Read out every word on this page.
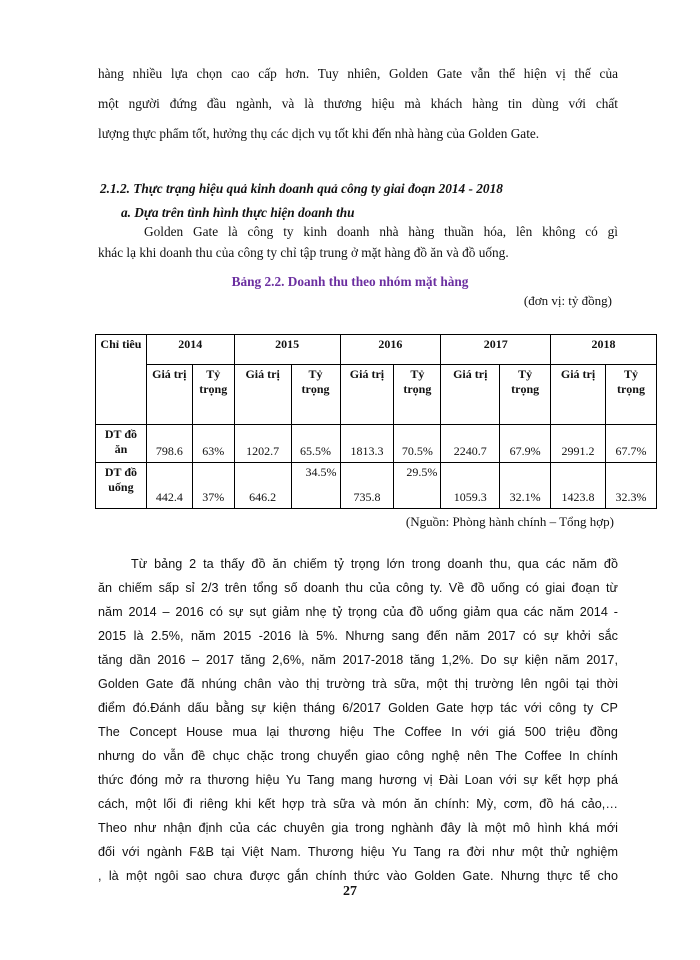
hàng nhiều lựa chọn cao cấp hơn. Tuy nhiên, Golden Gate vẫn thể hiện vị thế của
một người đứng đầu ngành, và là thương hiệu mà khách hàng tin dùng với chất
lượng thực phẩm tốt, hưởng thụ các dịch vụ tốt khi đến nhà hàng của Golden Gate.
2.1.2. Thực trạng hiệu quả kinh doanh quả công ty giai đoạn 2014 - 2018
a. Dựa trên tình hình thực hiện doanh thu
Golden Gate là công ty kinh doanh nhà hàng thuần hóa, lên không có gì
khác lạ khi doanh thu của công ty chỉ tập trung ở mặt hàng đồ ăn và đồ uống.
Bảng 2.2. Doanh thu theo nhóm mặt hàng
(đơn vị: tỷ đồng)
Chỉ tiêu	2014		2015		2016		2017		2018	
	Giá trị	Tỷ trọng	Giá trị	Tỷ trọng	Giá trị	Tỷ trọng	Giá trị	Tỷ trọng	Giá trị	Tỷ trọng
DT đồ ăn	798.6	63%	1202.7	65.5%	1813.3	70.5%	2240.7	67.9%	2991.2	67.7%
DT đồ uống	442.4	37%	646.2	34.5%	735.8	29.5%	1059.3	32.1%	1423.8	32.3%
(Nguồn: Phòng hành chính – Tổng hợp)
Từ bảng 2 ta thấy đồ ăn chiếm tỷ trọng lớn trong doanh thu, qua các năm đồ
ăn chiếm sấp sỉ 2/3 trên tổng số doanh thu của công ty. Về đồ uống có giai đoạn từ
năm 2014 – 2016 có sự sụt giảm nhẹ tỷ trọng của đồ uống giảm qua các năm 2014 -
2015 là 2.5%, năm 2015 -2016 là 5%. Nhưng sang đến năm 2017 có sự khởi sắc
tăng dần 2016 – 2017 tăng 2,6%, năm 2017-2018 tăng 1,2%. Do sự kiện năm 2017,
Golden Gate đã nhúng chân vào thị trường trà sữa, một thị trường lên ngôi tại thời
điểm đó.Đánh dấu bằng sự kiện tháng 6/2017 Golden Gate hợp tác với công ty CP
The Concept House mua lại thương hiệu The Coffee In với giá 500 triệu đồng
nhưng do vẫn đề chục chặc trong chuyển giao công nghệ nên The Coffee In chính
thức đóng mở ra thương hiệu Yu Tang mang hương vị Đài Loan với sự kết hợp phá
cách, một lối đi riêng khi kết hợp trà sữa và món ăn chính: Mỳ, cơm, đồ há cảo,…
Theo như nhận định của các chuyên gia trong nghành đây là một mô hình khá mới
đối với ngành F&B tại Việt Nam. Thương hiệu Yu Tang ra đời như một thử nghiệm
, là một ngôi sao chưa được gắn chính thức vào Golden Gate. Nhưng thực tế cho
27
